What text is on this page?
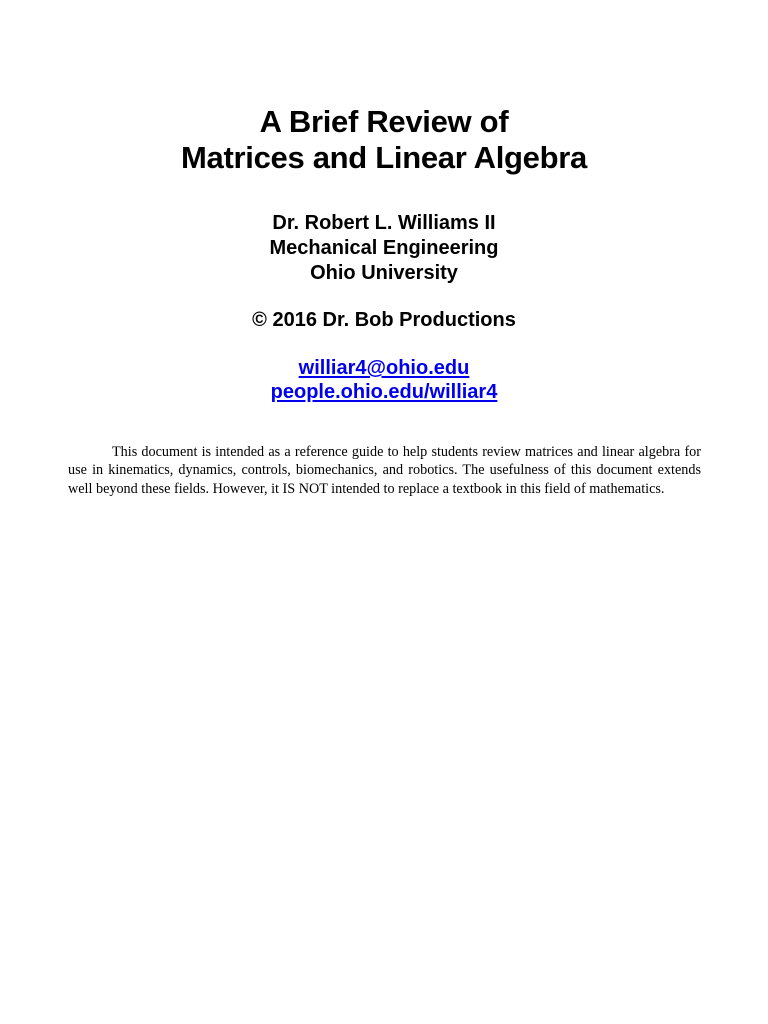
A Brief Review of
Matrices and Linear Algebra
Dr. Robert L. Williams II
Mechanical Engineering
Ohio University
© 2016 Dr. Bob Productions
williar4@ohio.edu
people.ohio.edu/williar4

This document is intended as a reference guide to help students review matrices and linear algebra for use in kinematics, dynamics, controls, biomechanics, and robotics. The usefulness of this document extends well beyond these fields. However, it IS NOT intended to replace a textbook in this field of mathematics.
